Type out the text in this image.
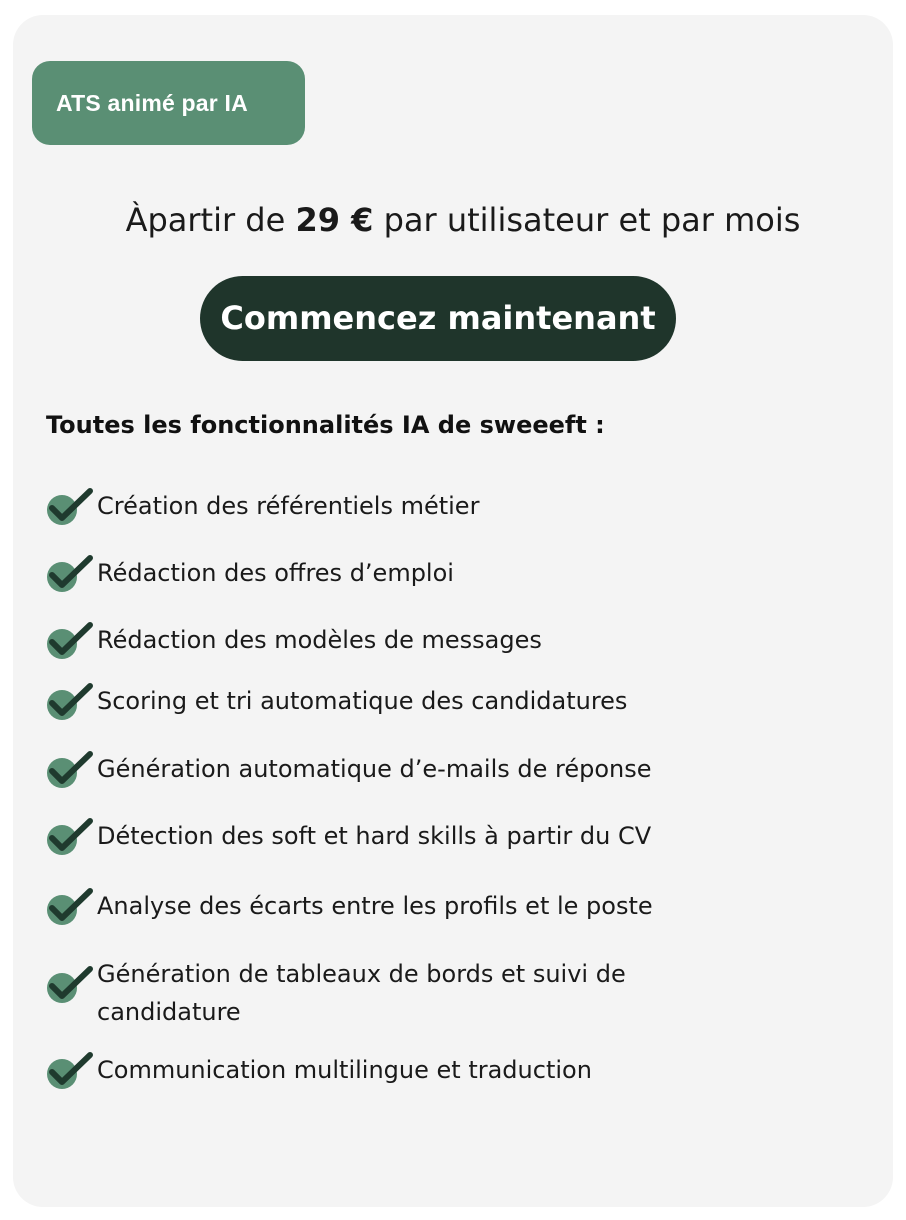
ATS animé par IA
Àpartir de 29 € par utilisateur et par mois
Commencez maintenant
Toutes les fonctionnalités IA de sweeeft :
Création des référentiels métier
Rédaction des offres d’emploi
Rédaction des modèles de messages
Scoring et tri automatique des candidatures
Génération automatique d’e-mails de réponse
Détection des soft et hard skills à partir du CV
Analyse des écarts entre les profils et le poste
Génération de tableaux de bords et suivi de candidature
Communication multilingue et traduction
